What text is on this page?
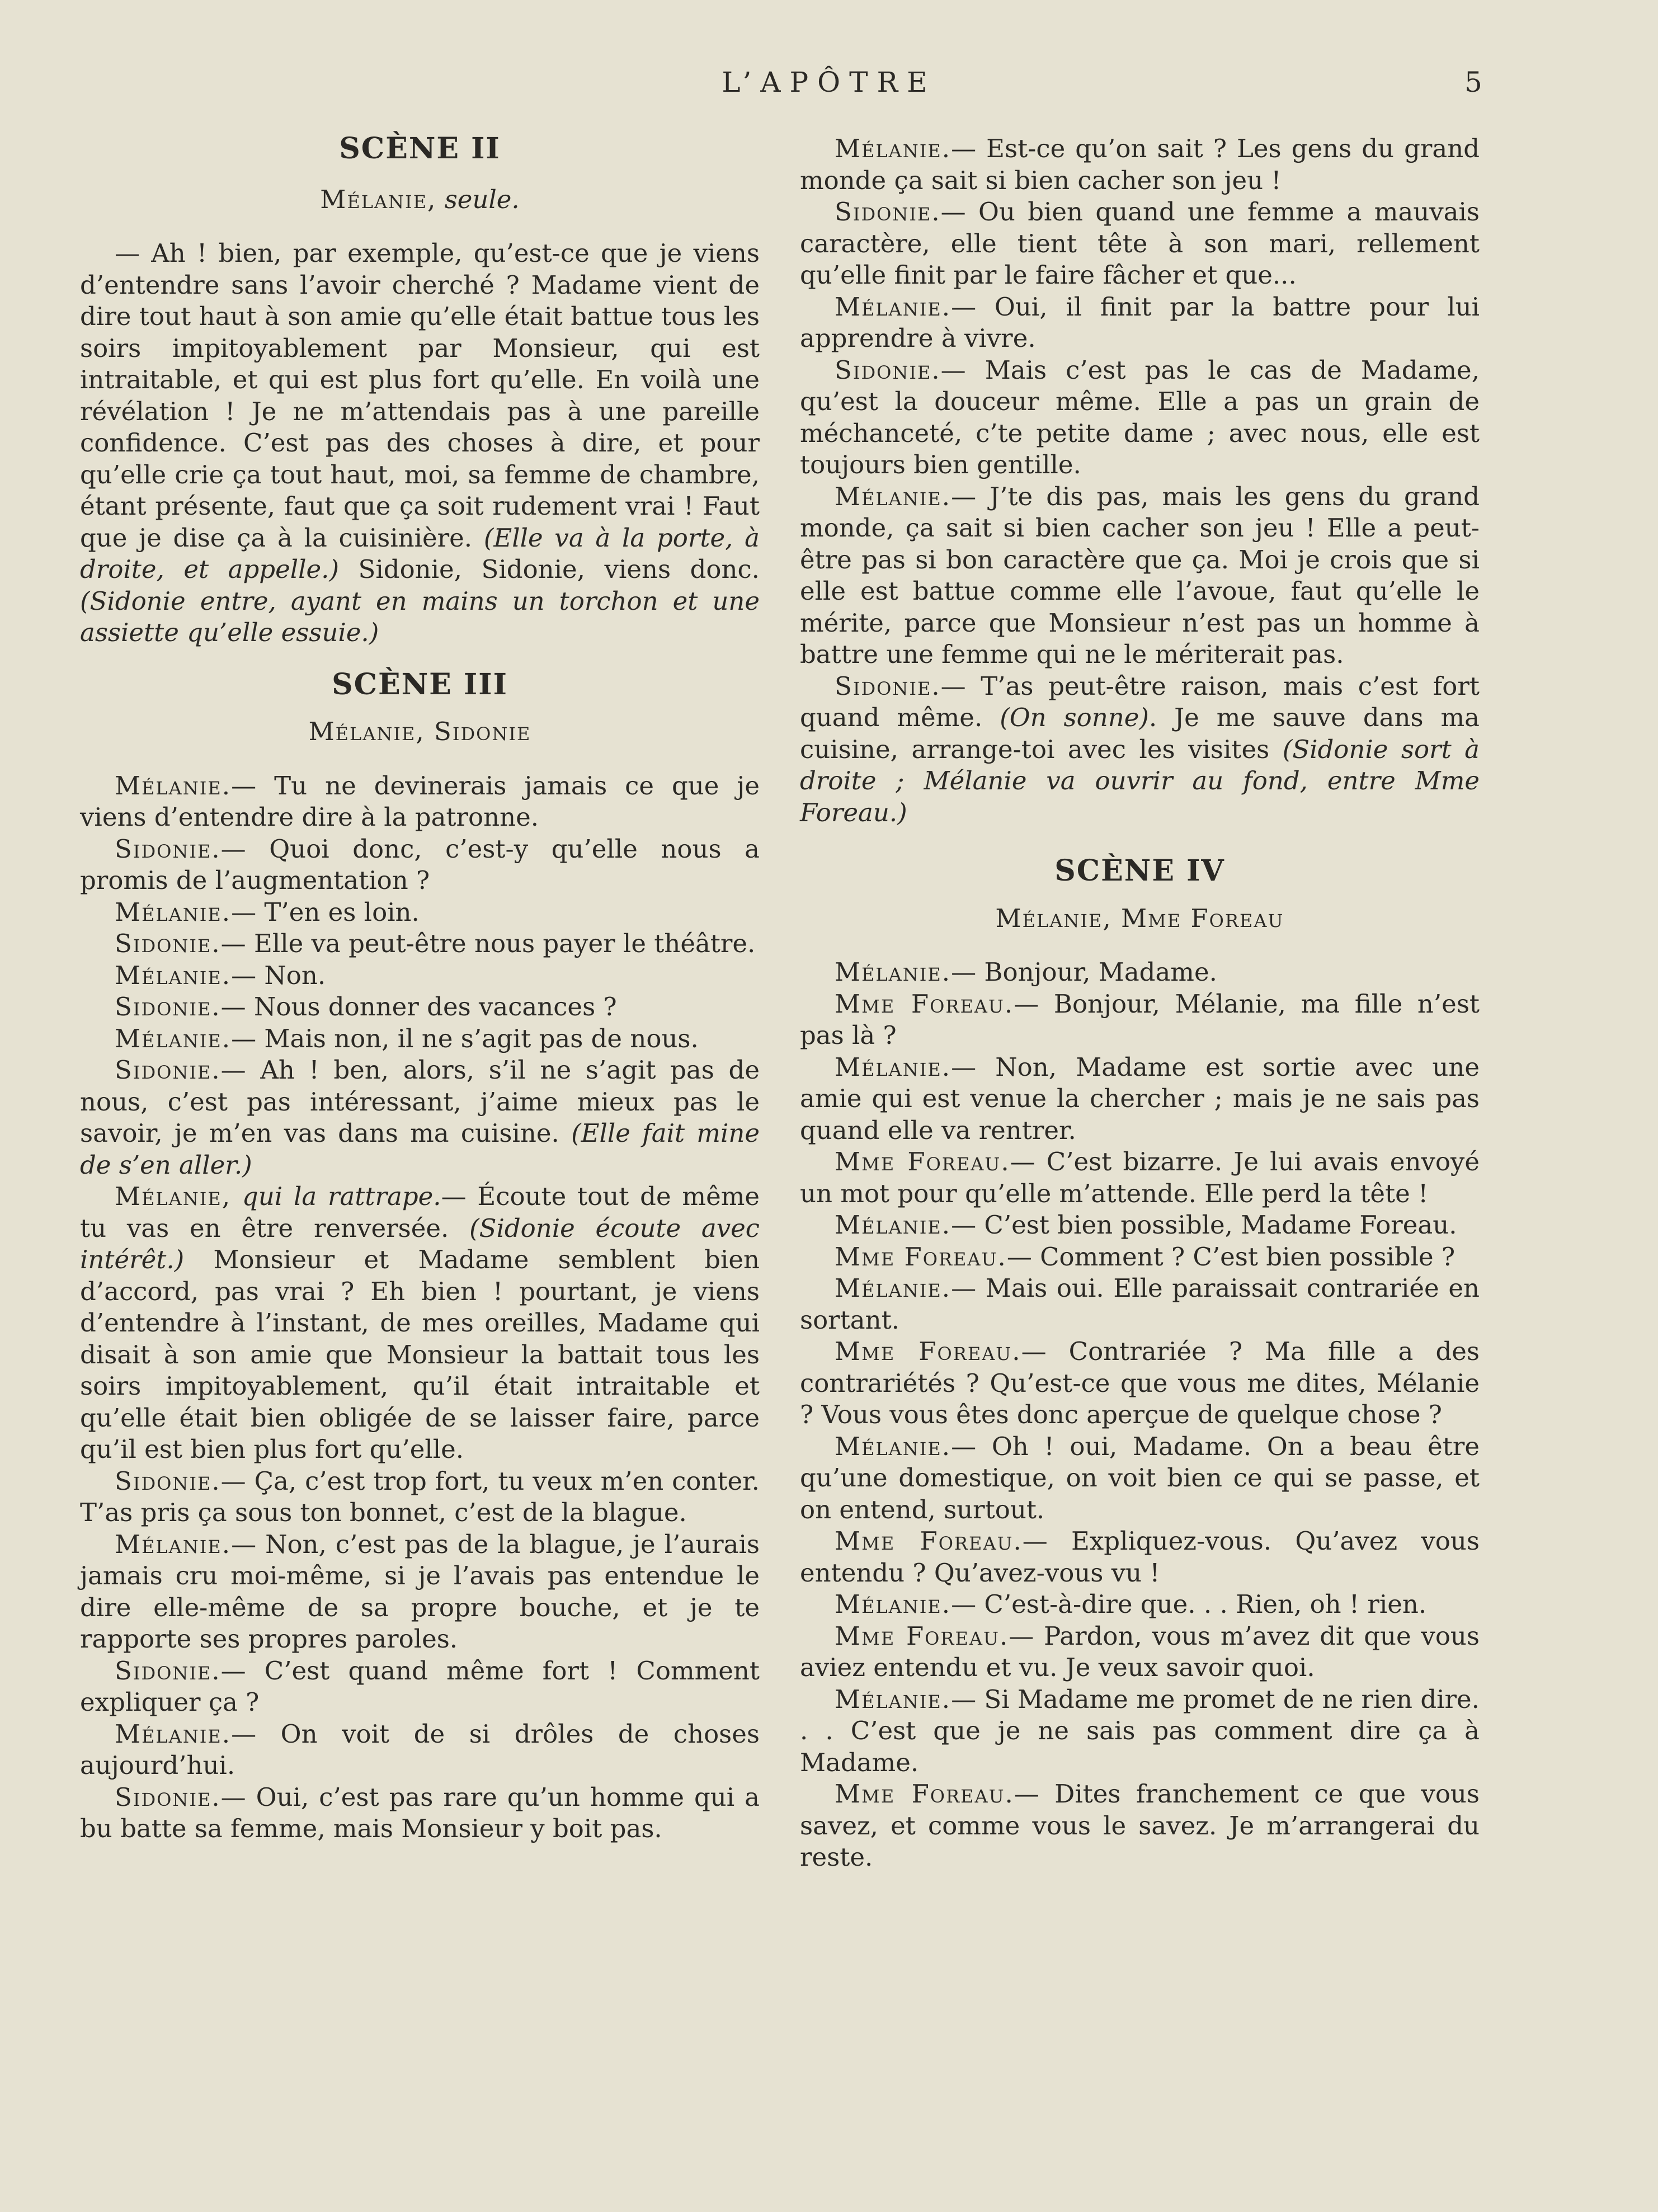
L’APÔTRE	5
SCÈNE II
Mélanie, seule.

— Ah ! bien, par exemple, qu’est-ce que je viens d’entendre sans l’avoir cherché ? Madame vient de dire tout haut à son amie qu’elle était battue tous les soirs impitoyablement par Monsieur, qui est intraitable, et qui est plus fort qu’elle. En voilà une révélation ! Je ne m’attendais pas à une pareille confidence. C’est pas des choses à dire, et pour qu’elle crie ça tout haut, moi, sa femme de chambre, étant présente, faut que ça soit rudement vrai ! Faut que je dise ça à la cuisinière. (Elle va à la porte, à droite, et appelle.) Sidonie, Sidonie, viens donc. (Sidonie entre, ayant en mains un torchon et une assiette qu’elle essuie.)

SCÈNE III
Mélanie, Sidonie

Mélanie.— Tu ne devinerais jamais ce que je viens d’entendre dire à la patronne.

Sidonie.— Quoi donc, c’est-y qu’elle nous a promis de l’augmentation ?

Mélanie.— T’en es loin.

Sidonie.— Elle va peut-être nous payer le théâtre.

Mélanie.— Non.

Sidonie.— Nous donner des vacances ?

Mélanie.— Mais non, il ne s’agit pas de nous.

Sidonie.— Ah ! ben, alors, s’il ne s’agit pas de nous, c’est pas intéressant, j’aime mieux pas le savoir, je m’en vas dans ma cuisine. (Elle fait mine de s’en aller.)

Mélanie, qui la rattrape.— Écoute tout de même tu vas en être renversée. (Sidonie écoute avec intérêt.) Monsieur et Madame semblent bien d’accord, pas vrai ? Eh bien ! pourtant, je viens d’entendre à l’instant, de mes oreilles, Madame qui disait à son amie que Monsieur la battait tous les soirs impitoyablement, qu’il était intraitable et qu’elle était bien obligée de se laisser faire, parce qu’il est bien plus fort qu’elle.

Sidonie.— Ça, c’est trop fort, tu veux m’en conter. T’as pris ça sous ton bonnet, c’est de la blague.

Mélanie.— Non, c’est pas de la blague, je l’aurais jamais cru moi-même, si je l’avais pas entendue le dire elle-même de sa propre bouche, et je te rapporte ses propres paroles.

Sidonie.— C’est quand même fort ! Comment expliquer ça ?

Mélanie.— On voit de si drôles de choses aujourd’hui.

Sidonie.— Oui, c’est pas rare qu’un homme qui a bu batte sa femme, mais Monsieur y boit pas.

Mélanie.— Est-ce qu’on sait ? Les gens du grand monde ça sait si bien cacher son jeu !

Sidonie.— Ou bien quand une femme a mauvais caractère, elle tient tête à son mari, rellement qu’elle finit par le faire fâcher et que...

Mélanie.— Oui, il finit par la battre pour lui apprendre à vivre.

Sidonie.— Mais c’est pas le cas de Madame, qu’est la douceur même. Elle a pas un grain de méchanceté, c’te petite dame ; avec nous, elle est toujours bien gentille.

Mélanie.— J’te dis pas, mais les gens du grand monde, ça sait si bien cacher son jeu ! Elle a peut-être pas si bon caractère que ça. Moi je crois que si elle est battue comme elle l’avoue, faut qu’elle le mérite, parce que Monsieur n’est pas un homme à battre une femme qui ne le mériterait pas.

Sidonie.— T’as peut-être raison, mais c’est fort quand même. (On sonne). Je me sauve dans ma cuisine, arrange-toi avec les visites (Sidonie sort à droite ; Mélanie va ouvrir au fond, entre Mme Foreau.)

SCÈNE IV
Mélanie, Mme Foreau

Mélanie.— Bonjour, Madame.

Mme Foreau.— Bonjour, Mélanie, ma fille n’est pas là ?

Mélanie.— Non, Madame est sortie avec une amie qui est venue la chercher ; mais je ne sais pas quand elle va rentrer.

Mme Foreau.— C’est bizarre. Je lui avais envoyé un mot pour qu’elle m’attende. Elle perd la tête !

Mélanie.— C’est bien possible, Madame Foreau.

Mme Foreau.— Comment ? C’est bien possible ?

Mélanie.— Mais oui. Elle paraissait contrariée en sortant.

Mme Foreau.— Contrariée ? Ma fille a des contrariétés ? Qu’est-ce que vous me dites, Mélanie ? Vous vous êtes donc aperçue de quelque chose ?

Mélanie.— Oh ! oui, Madame. On a beau être qu’une domestique, on voit bien ce qui se passe, et on entend, surtout.

Mme Foreau.— Expliquez-vous. Qu’avez vous entendu ? Qu’avez-vous vu !

Mélanie.— C’est-à-dire que. . . Rien, oh ! rien.

Mme Foreau.— Pardon, vous m’avez dit que vous aviez entendu et vu. Je veux savoir quoi.

Mélanie.— Si Madame me promet de ne rien dire. . . C’est que je ne sais pas comment dire ça à Madame.

Mme Foreau.— Dites franchement ce que vous savez, et comme vous le savez. Je m’arrangerai du reste.
